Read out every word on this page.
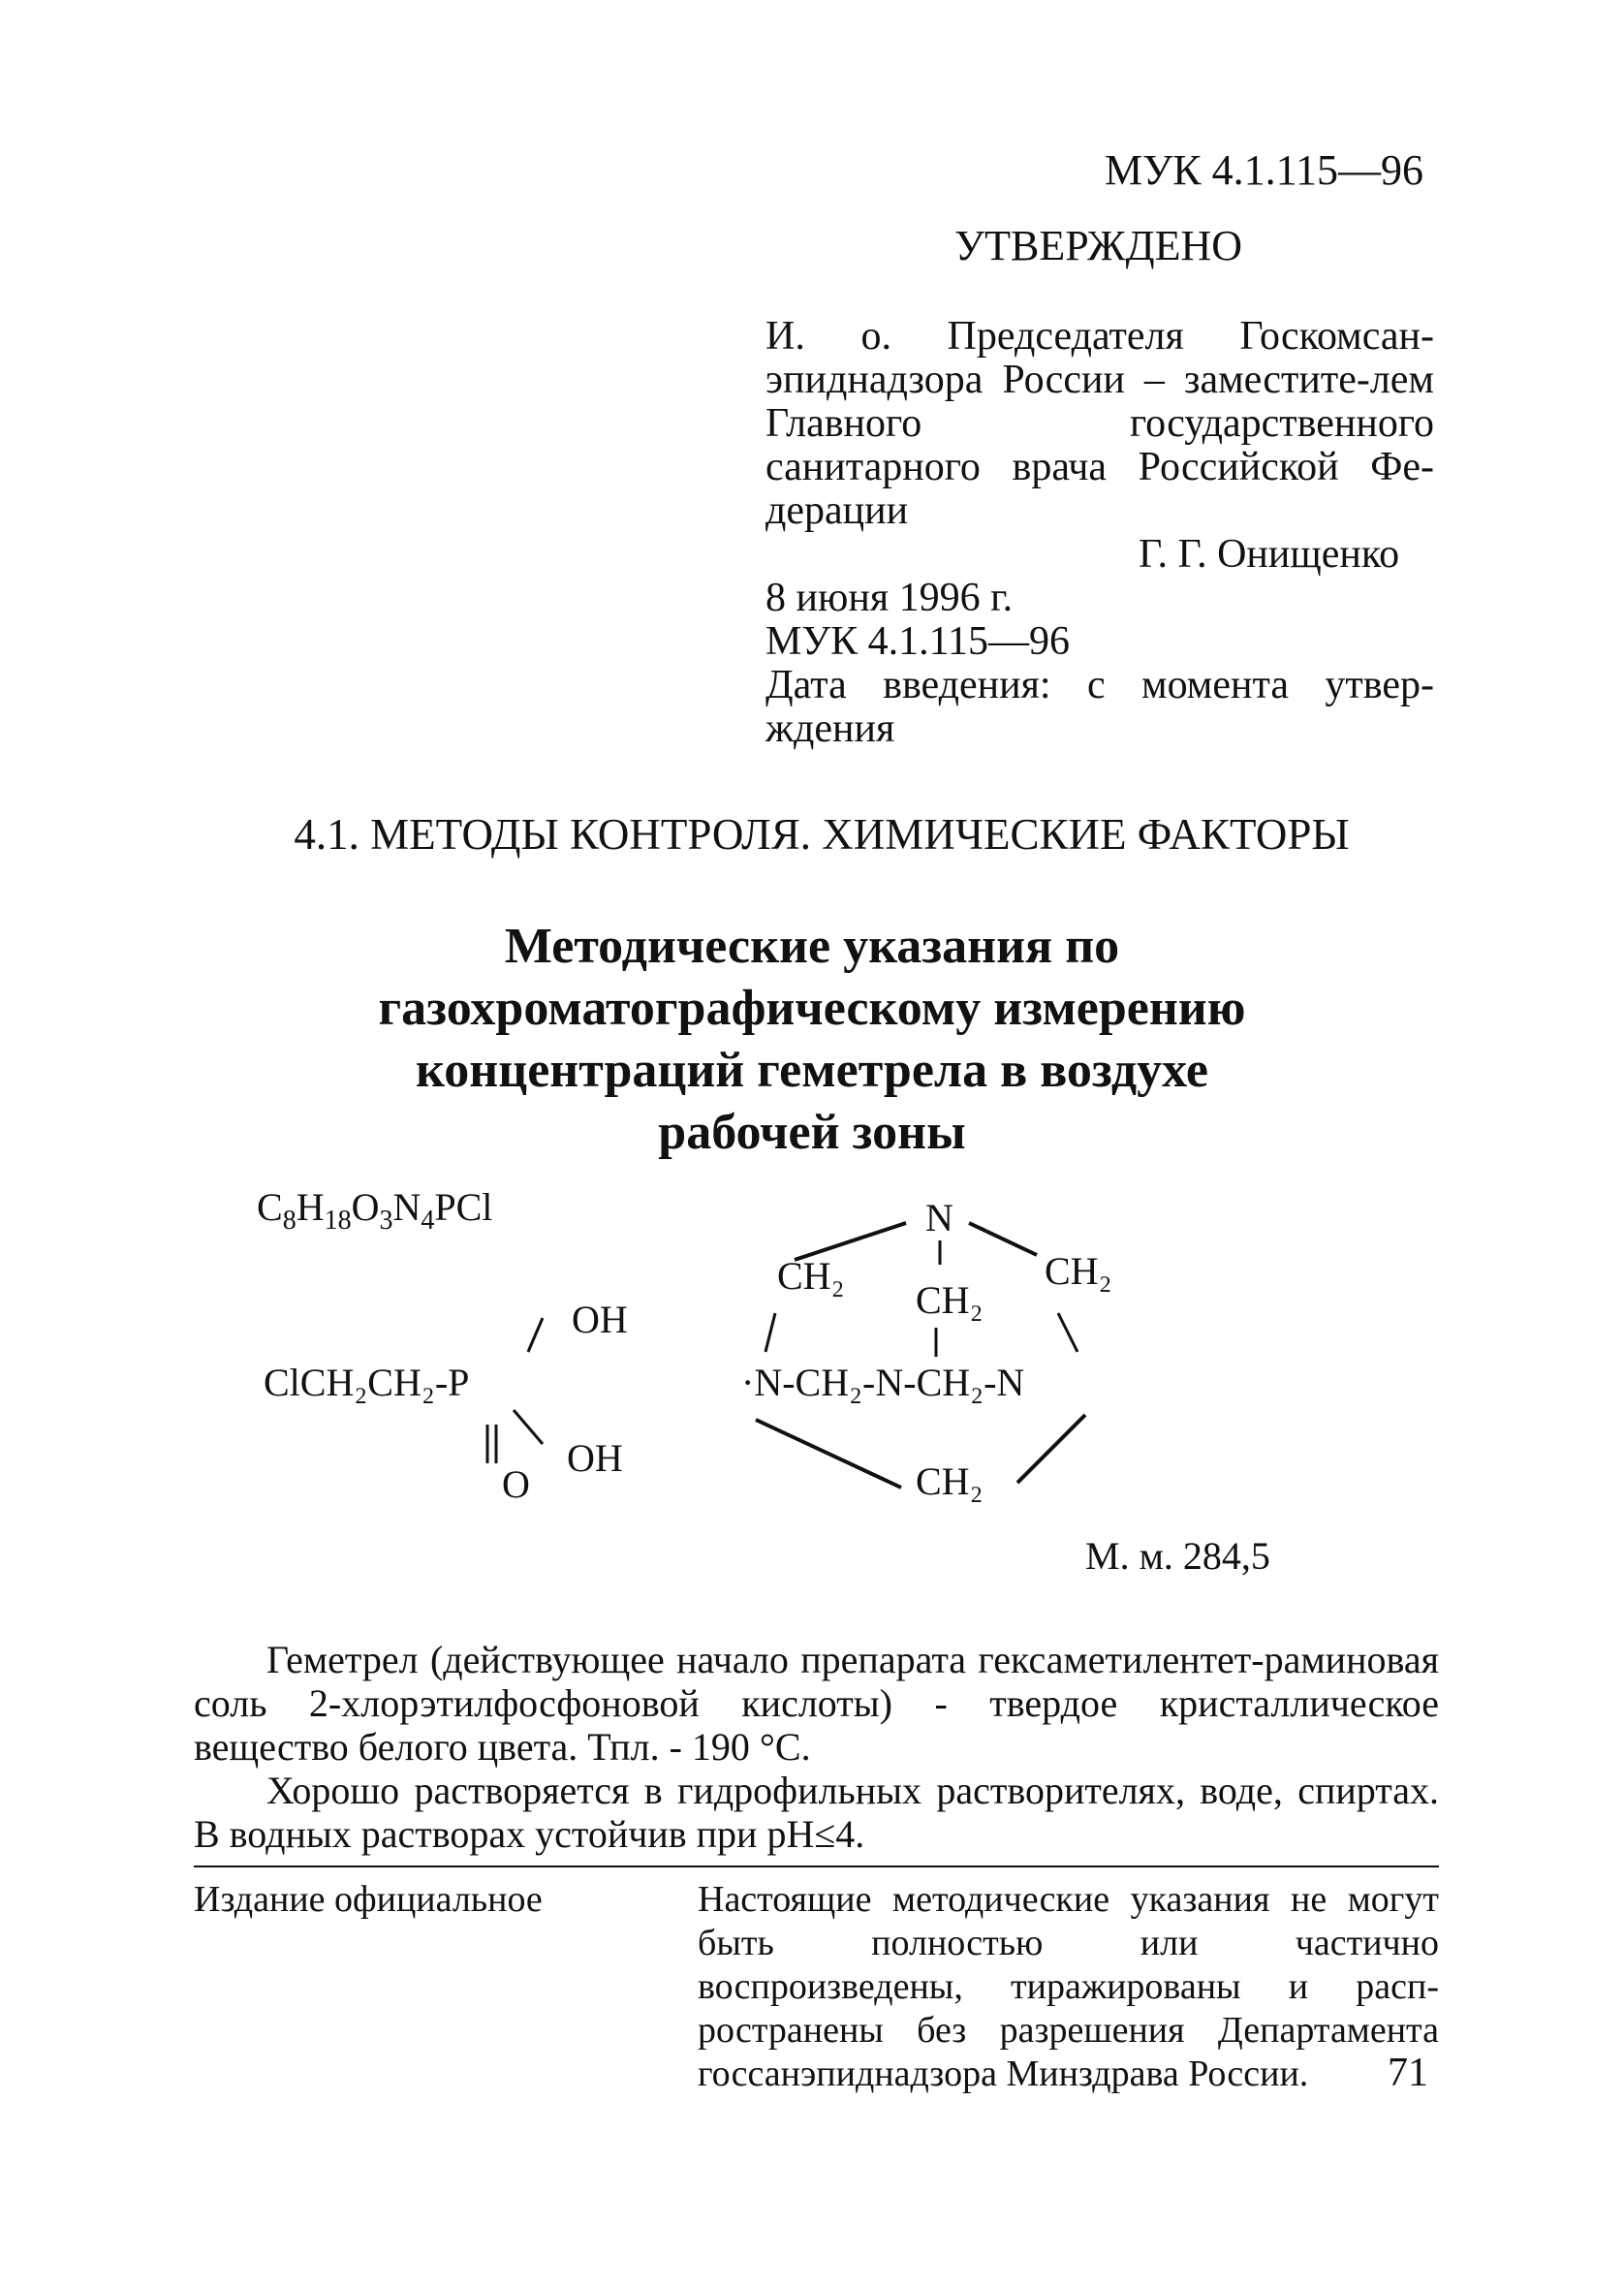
МУК 4.1.115—96
УТВЕРЖДЕНО
И. о. Председателя Госкомсан-эпиднадзора России – заместите-лем Главного государственного санитарного врача Российской Фе-дерации
Г. Г. Онищенко
8 июня 1996 г.
МУК 4.1.115—96
Дата введения: с момента утвер-ждения
4.1. МЕТОДЫ КОНТРОЛЯ. ХИМИЧЕСКИЕ ФАКТОРЫ
Методические указания по
газохроматографическому измерению
концентраций геметрела в воздухе
рабочей зоны
$C_8H_{18}O_3N_4PCl$
OH
ClCH₂CH₂-P
OH
O
N
CH₂
CH₂
CH₂
·N-CH₂-N-CH₂-N
CH₂
М. м. 284,5
Геметрел (действующее начало препарата гексаметилентет-раминовая соль 2-хлорэтилфосфоновой кислоты) - твердое кристаллическое вещество белого цвета. Тпл. - 190 °С.
Хорошо растворяется в гидрофильных растворителях, воде, спиртах. В водных растворах устойчив при pH≤4.
Издание официальное	Настоящие методические указания не могут быть полностью или частично воспроизведены, тиражированы и расп-ространены без разрешения Департамента госсанэпиднадзора Минздрава России.	71
